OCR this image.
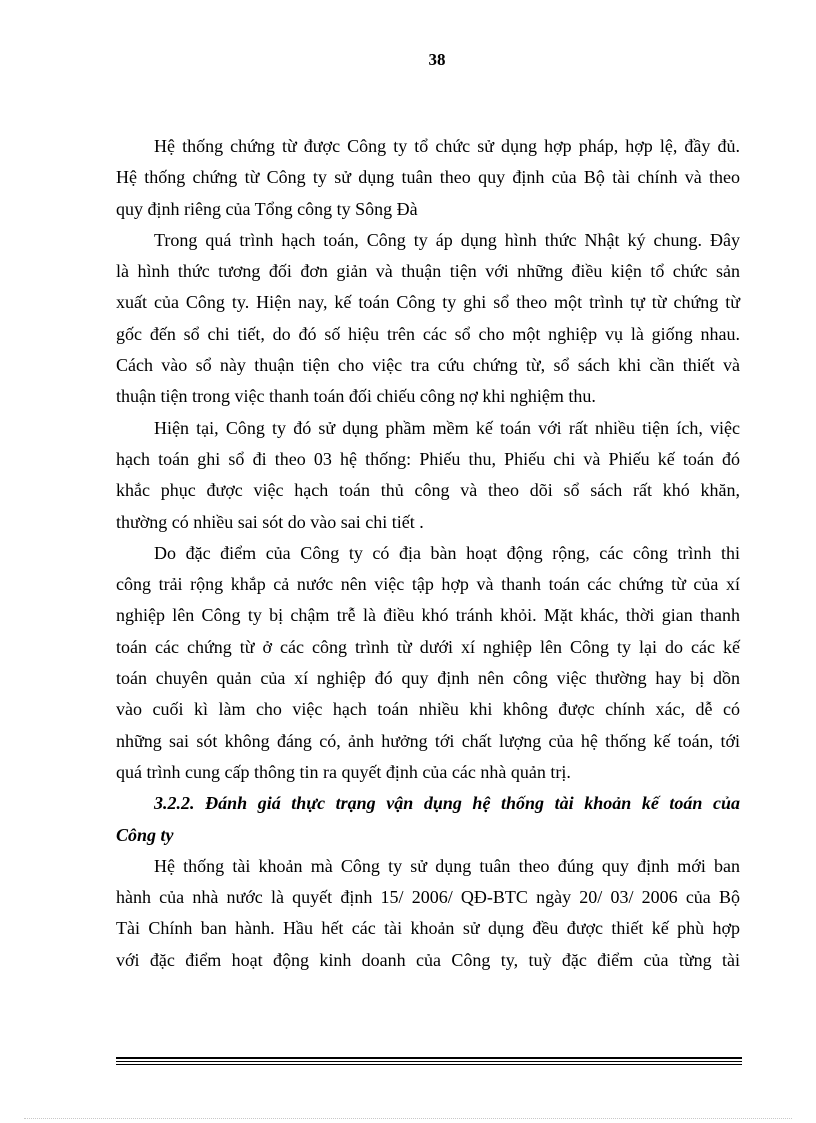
38
Hệ thống chứng từ được Công ty tổ chức sử dụng hợp pháp, hợp lệ, đầy đủ.
Hệ thống chứng từ Công ty sử dụng tuân theo quy định của Bộ tài chính và theo
quy định riêng của Tổng công ty Sông Đà
Trong quá trình hạch toán, Công ty áp dụng hình thức Nhật ký chung. Đây
là hình thức tương đối đơn giản và thuận tiện với những điều kiện tổ chức sản
xuất của Công ty. Hiện nay, kế toán Công ty ghi sổ theo một trình tự từ chứng từ
gốc đến sổ chi tiết, do đó số hiệu trên các sổ cho một nghiệp vụ là giống nhau.
Cách vào sổ này thuận tiện cho việc tra cứu chứng từ, sổ sách khi cần thiết và
thuận tiện trong việc thanh toán đối chiếu công nợ khi nghiệm thu.
Hiện tại, Công ty đó sử dụng phầm mềm kế toán với rất nhiều tiện ích, việc
hạch toán ghi sổ đi theo 03 hệ thống: Phiếu thu, Phiếu chi và Phiếu kế toán đó
khắc phục được việc hạch toán thủ công và theo dõi sổ sách rất khó khăn,
thường có nhiều sai sót do vào sai chi tiết .
Do đặc điểm của Công ty có địa bàn hoạt động rộng, các công trình thi
công trải rộng khắp cả nước nên việc tập hợp và thanh toán các chứng từ của xí
nghiệp lên Công ty bị chậm trễ là điều khó tránh khỏi. Mặt khác, thời gian thanh
toán các chứng từ ở các công trình từ dưới xí nghiệp lên Công ty lại do các kế
toán chuyên quản của xí nghiệp đó quy định nên công việc thường hay bị dồn
vào cuối kì làm cho việc hạch toán nhiều khi không được chính xác, dễ có
những sai sót không đáng có, ảnh hưởng tới chất lượng của hệ thống kế toán, tới
quá trình cung cấp thông tin ra quyết định của các nhà quản trị.
3.2.2. Đánh giá thực trạng vận dụng hệ thống tài khoản kế toán của
Công ty
Hệ thống tài khoản mà Công ty sử dụng tuân theo đúng quy định mới ban
hành của nhà nước là quyết định 15/ 2006/ QĐ-BTC ngày 20/ 03/ 2006 của Bộ
Tài Chính ban hành. Hầu hết các tài khoản sử dụng đều được thiết kế phù hợp
với đặc điểm hoạt động kinh doanh của Công ty, tuỳ đặc điểm của từng tài
